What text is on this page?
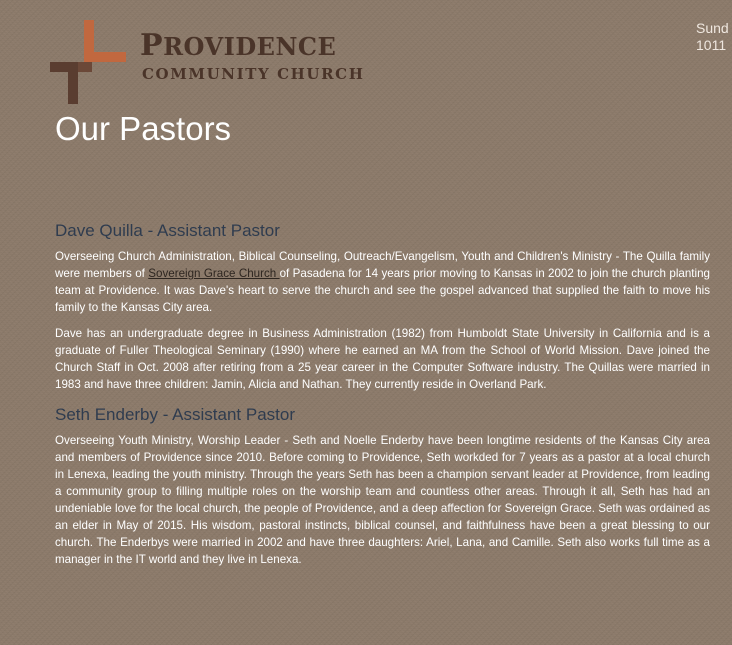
PROVIDENCE
COMMUNITY CHURCH
Sund
1011
Our Pastors
Dave Quilla - Assistant Pastor

Overseeing Church Administration, Biblical Counseling, Outreach/Evangelism, Youth and Children's Ministry - The Quilla family were members of Sovereign Grace Church of Pasadena for 14 years prior moving to Kansas in 2002 to join the church planting team at Providence. It was Dave's heart to serve the church and see the gospel advanced that supplied the faith to move his family to the Kansas City area.

Dave has an undergraduate degree in Business Administration (1982) from Humboldt State University in California and is a graduate of Fuller Theological Seminary (1990) where he earned an MA from the School of World Mission. Dave joined the Church Staff in Oct. 2008 after retiring from a 25 year career in the Computer Software industry. The Quillas were married in 1983 and have three children: Jamin, Alicia and Nathan. They currently reside in Overland Park.

Seth Enderby - Assistant Pastor

Overseeing Youth Ministry, Worship Leader - Seth and Noelle Enderby have been longtime residents of the Kansas City area and members of Providence since 2010. Before coming to Providence, Seth workded for 7 years as a pastor at a local church in Lenexa, leading the youth ministry. Through the years Seth has been a champion servant leader at Providence, from leading a community group to filling multiple roles on the worship team and countless other areas. Through it all, Seth has had an undeniable love for the local church, the people of Providence, and a deep affection for Sovereign Grace. Seth was ordained as an elder in May of 2015. His wisdom, pastoral instincts, biblical counsel, and faithfulness have been a great blessing to our church. The Enderbys were married in 2002 and have three daughters: Ariel, Lana, and Camille. Seth also works full time as a manager in the IT world and they live in Lenexa.
